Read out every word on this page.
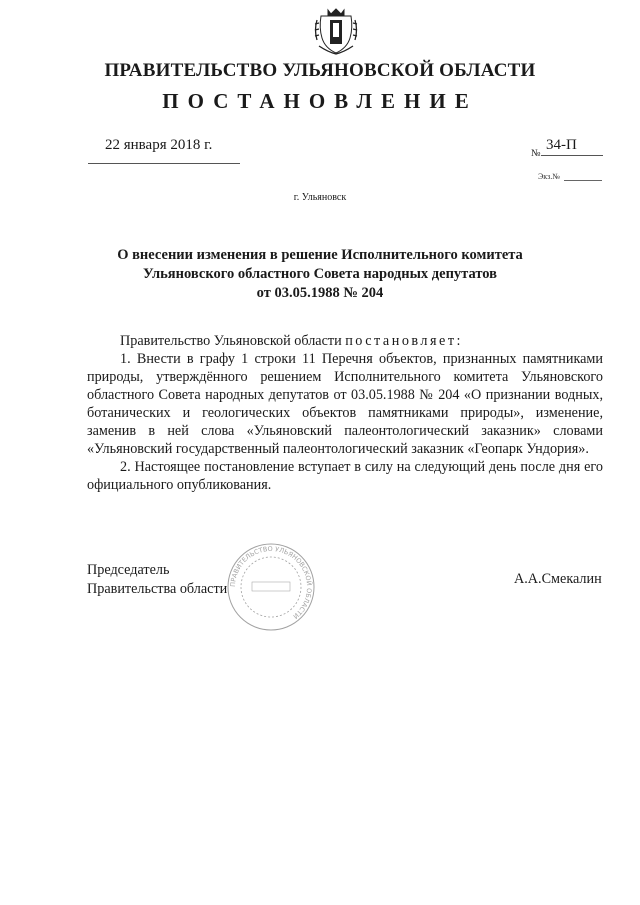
ПРАВИТЕЛЬСТВО УЛЬЯНОВСКОЙ ОБЛАСТИ
ПОСТАНОВЛЕНИЕ
22 января 2018 г.
№
34-П
Экз.№
г. Ульяновск
О внесении изменения в решение Исполнительного комитета
Ульяновского областного Совета народных депутатов
от 03.05.1988 № 204

Правительство Ульяновской области постановляет:

1. Внести в графу 1 строки 11 Перечня объектов, признанных памятниками природы, утверждённого решением Исполнительного комитета Ульяновского областного Совета народных депутатов от 03.05.1988 № 204 «О признании водных, ботанических и геологических объектов памятниками природы», изменение, заменив в ней слова «Ульяновский палеонтологический заказник» словами «Ульяновский государственный палеонтологический заказник «Геопарк Ундория».

2. Настоящее постановление вступает в силу на следующий день после дня его официального опубликования.

Председатель
Правительства области ПРАВИТЕЛЬСТВО УЛЬЯНОВСКОЙ ОБЛАСТИ
А.А.Смекалин
